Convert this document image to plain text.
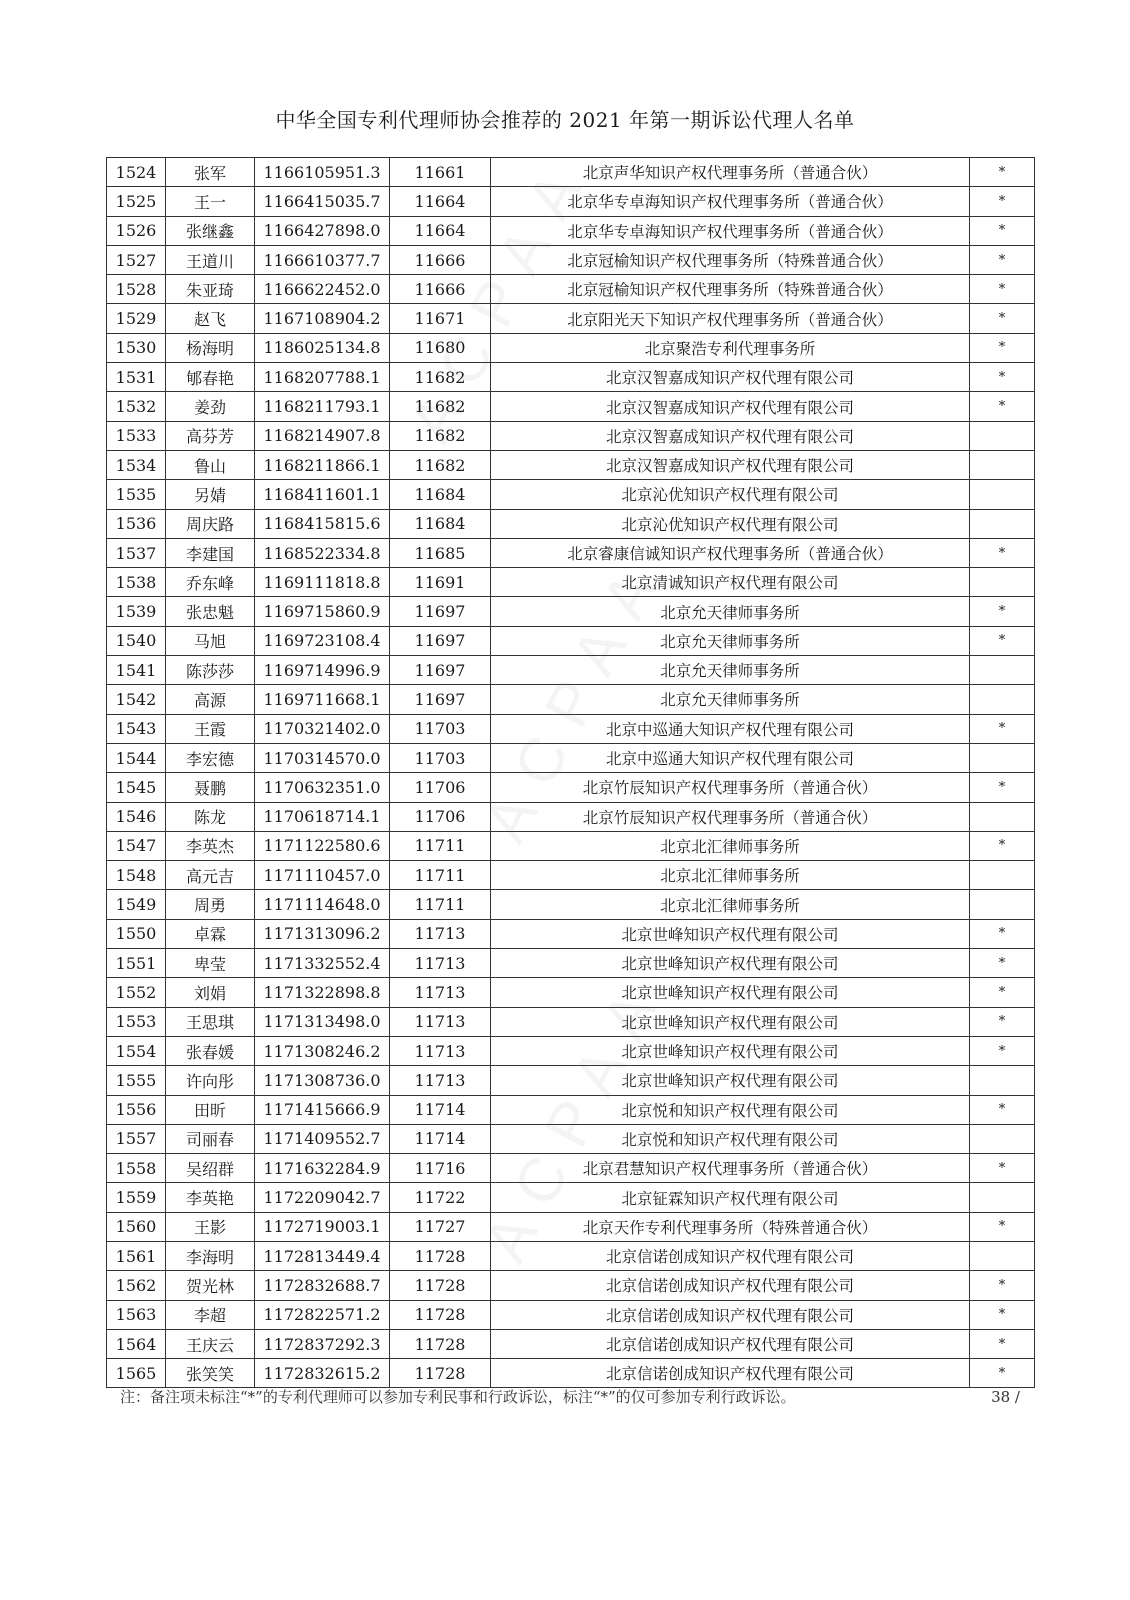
中华全国专利代理师协会推荐的 2021 年第一期诉讼代理人名单
1524	张军	1166105951.3	11661	北京声华知识产权代理事务所（普通合伙）	*
1525	王一	1166415035.7	11664	北京华专卓海知识产权代理事务所（普通合伙）	*
1526	张继鑫	1166427898.0	11664	北京华专卓海知识产权代理事务所（普通合伙）	*
1527	王道川	1166610377.7	11666	北京冠榆知识产权代理事务所（特殊普通合伙）	*
1528	朱亚琦	1166622452.0	11666	北京冠榆知识产权代理事务所（特殊普通合伙）	*
1529	赵飞	1167108904.2	11671	北京阳光天下知识产权代理事务所（普通合伙）	*
1530	杨海明	1186025134.8	11680	北京聚浩专利代理事务所	*
1531	郇春艳	1168207788.1	11682	北京汉智嘉成知识产权代理有限公司	*
1532	姜劲	1168211793.1	11682	北京汉智嘉成知识产权代理有限公司	*
1533	高芬芳	1168214907.8	11682	北京汉智嘉成知识产权代理有限公司	
1534	鲁山	1168211866.1	11682	北京汉智嘉成知识产权代理有限公司	
1535	另婧	1168411601.1	11684	北京沁优知识产权代理有限公司	
1536	周庆路	1168415815.6	11684	北京沁优知识产权代理有限公司	
1537	李建国	1168522334.8	11685	北京睿康信诚知识产权代理事务所（普通合伙）	*
1538	乔东峰	1169111818.8	11691	北京清诚知识产权代理有限公司	
1539	张忠魁	1169715860.9	11697	北京允天律师事务所	*
1540	马旭	1169723108.4	11697	北京允天律师事务所	*
1541	陈莎莎	1169714996.9	11697	北京允天律师事务所	
1542	高源	1169711668.1	11697	北京允天律师事务所	
1543	王霞	1170321402.0	11703	北京中巡通大知识产权代理有限公司	*
1544	李宏德	1170314570.0	11703	北京中巡通大知识产权代理有限公司	
1545	聂鹏	1170632351.0	11706	北京竹辰知识产权代理事务所（普通合伙）	*
1546	陈龙	1170618714.1	11706	北京竹辰知识产权代理事务所（普通合伙）	
1547	李英杰	1171122580.6	11711	北京北汇律师事务所	*
1548	高元吉	1171110457.0	11711	北京北汇律师事务所	
1549	周勇	1171114648.0	11711	北京北汇律师事务所	
1550	卓霖	1171313096.2	11713	北京世峰知识产权代理有限公司	*
1551	卑莹	1171332552.4	11713	北京世峰知识产权代理有限公司	*
1552	刘娟	1171322898.8	11713	北京世峰知识产权代理有限公司	*
1553	王思琪	1171313498.0	11713	北京世峰知识产权代理有限公司	*
1554	张春媛	1171308246.2	11713	北京世峰知识产权代理有限公司	*
1555	许向彤	1171308736.0	11713	北京世峰知识产权代理有限公司	
1556	田昕	1171415666.9	11714	北京悦和知识产权代理有限公司	*
1557	司丽春	1171409552.7	11714	北京悦和知识产权代理有限公司	
1558	吴绍群	1171632284.9	11716	北京君慧知识产权代理事务所（普通合伙）	*
1559	李英艳	1172209042.7	11722	北京钲霖知识产权代理有限公司	
1560	王影	1172719003.1	11727	北京天作专利代理事务所（特殊普通合伙）	*
1561	李海明	1172813449.4	11728	北京信诺创成知识产权代理有限公司	
1562	贺光林	1172832688.7	11728	北京信诺创成知识产权代理有限公司	*
1563	李超	1172822571.2	11728	北京信诺创成知识产权代理有限公司	*
1564	王庆云	1172837292.3	11728	北京信诺创成知识产权代理有限公司	*
1565	张笑笑	1172832615.2	11728	北京信诺创成知识产权代理有限公司	*
注：备注项未标注“*”的专利代理师可以参加专利民事和行政诉讼，标注“*”的仅可参加专利行政诉讼。	38 /
